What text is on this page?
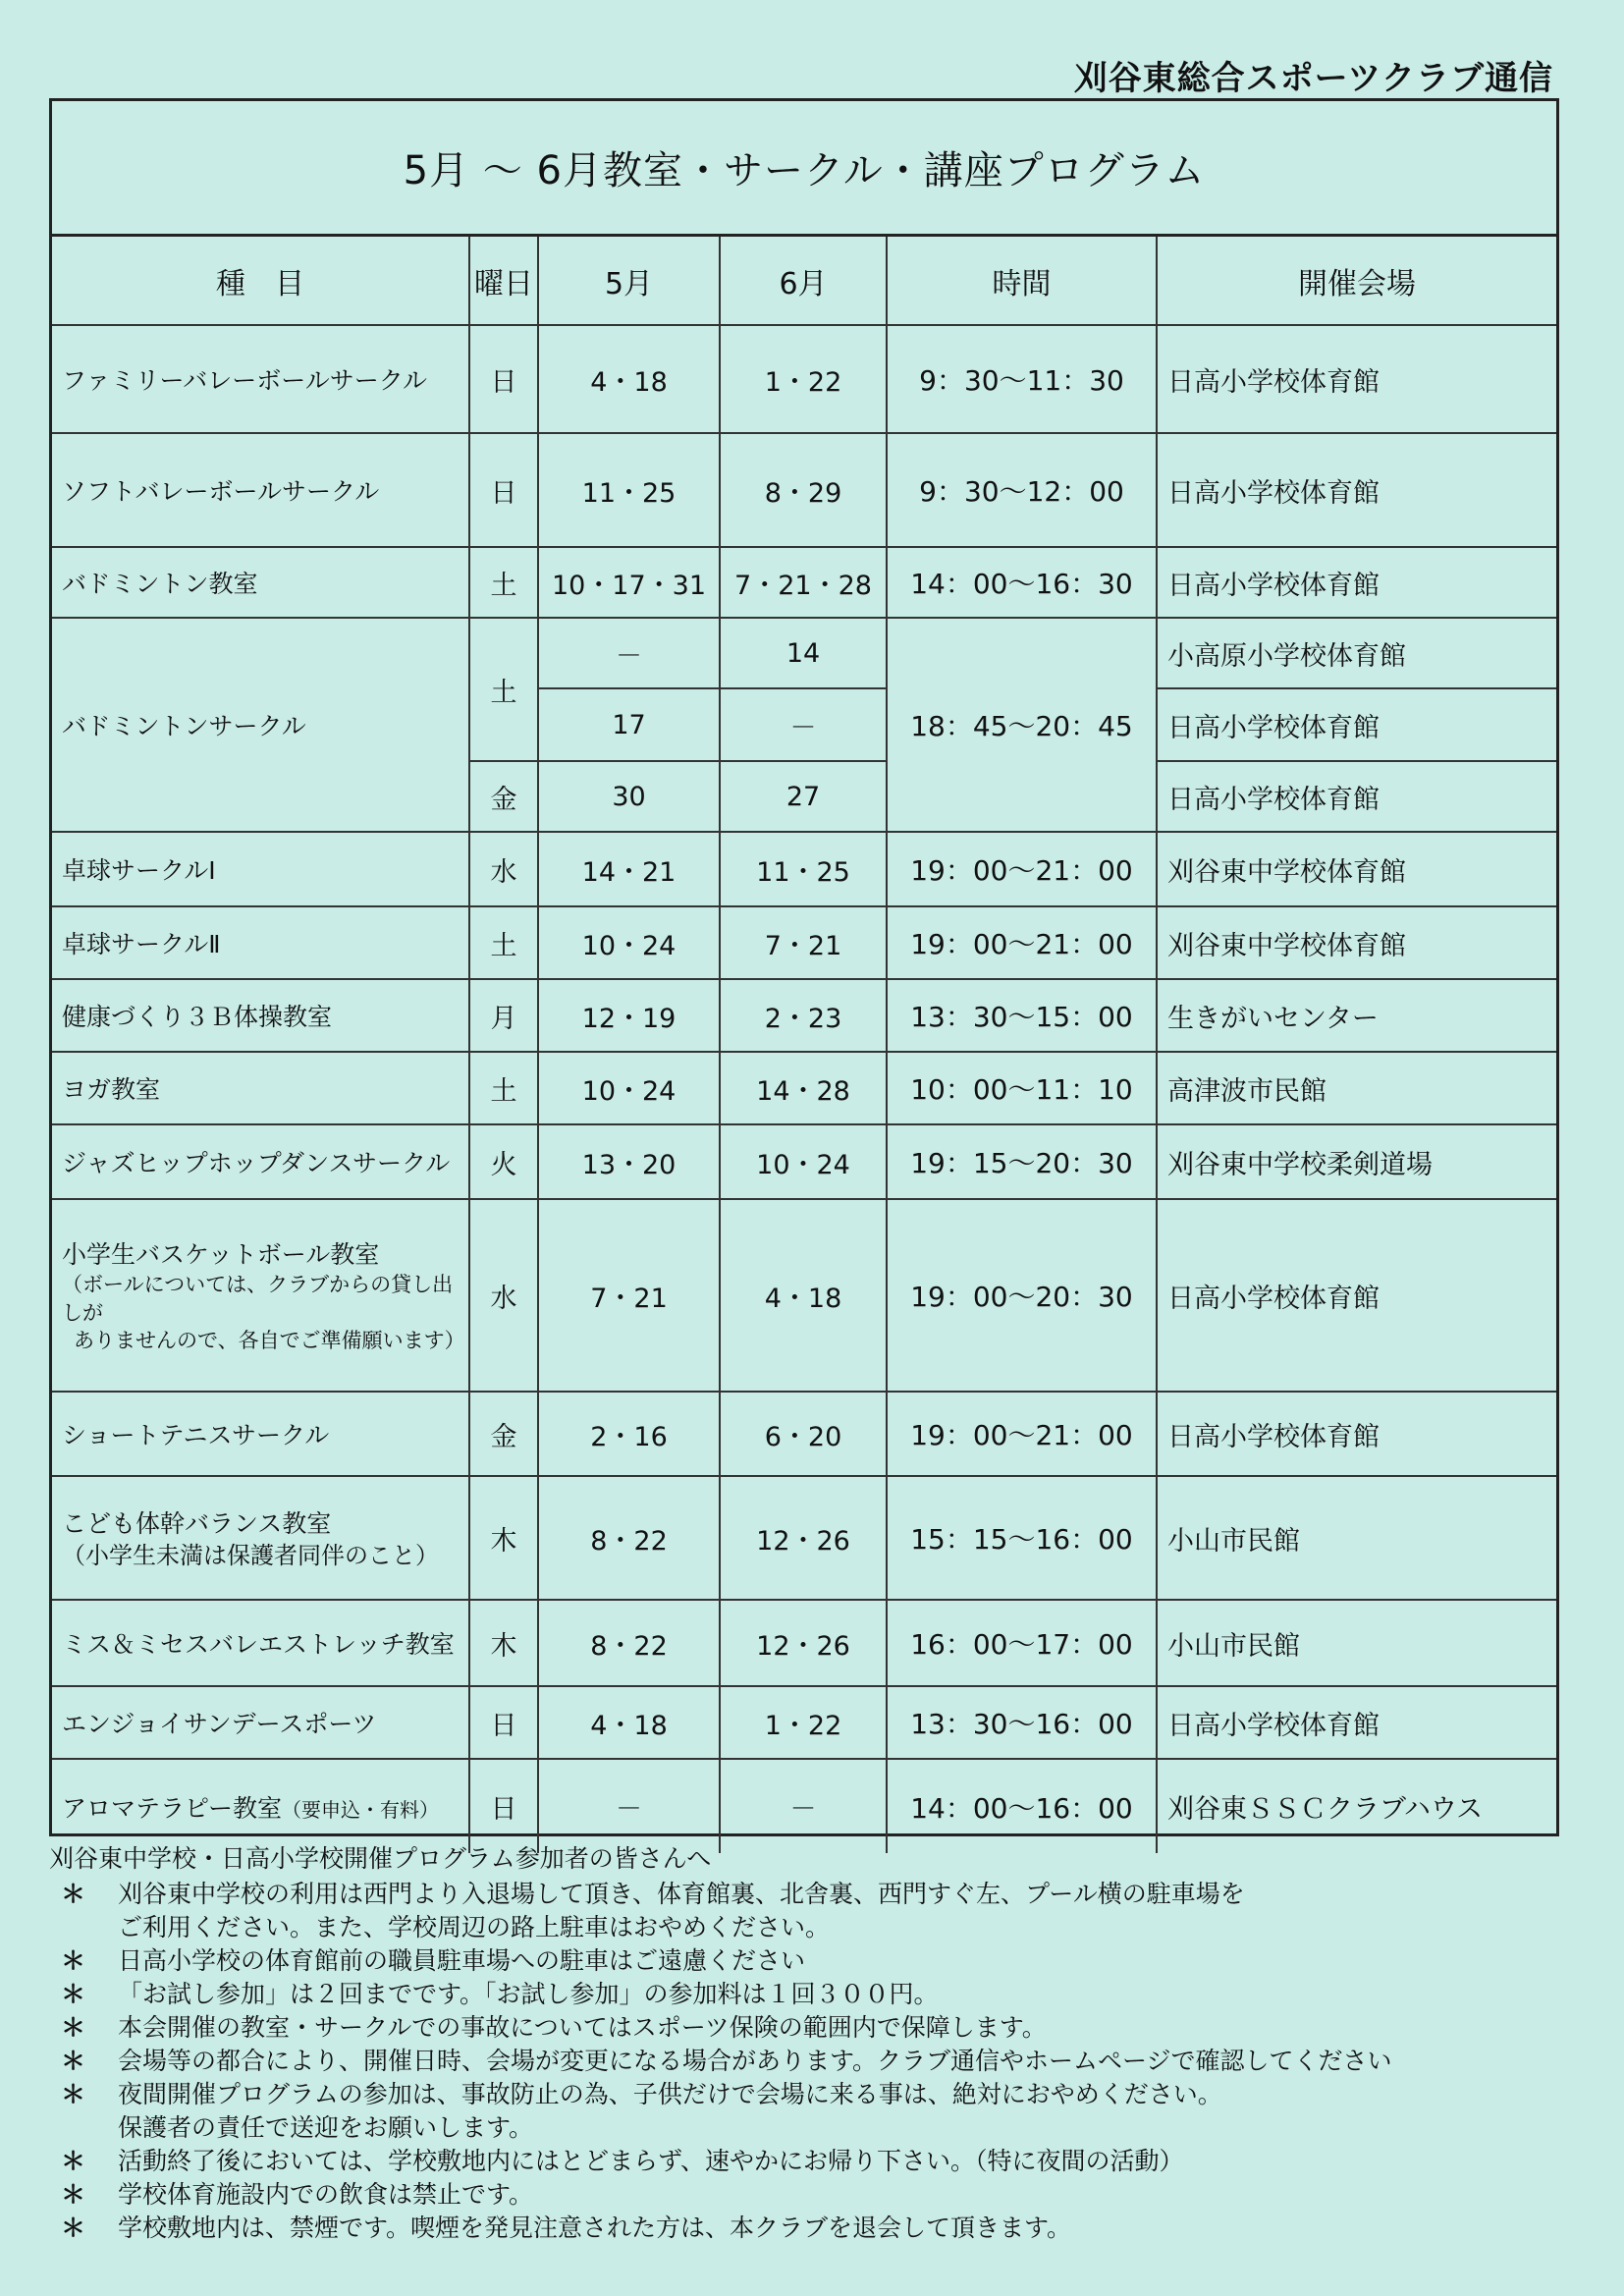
刈谷東総合スポーツクラブ通信
5月 〜 6月教室・サークル・講座プログラム
種　目	曜日	5月	6月	時間	開催会場
ファミリーバレーボールサークル	日	4・18	1・22	9：30〜11：30	日高小学校体育館
ソフトバレーボールサークル	日	11・25	8・29	9：30〜12：00	日高小学校体育館
バドミントン教室	土	10・17・31	7・21・28	14：00〜16：30	日高小学校体育館
バドミントンサークル	土	－	14	18：45〜20：45	小高原小学校体育館
		17	－		日高小学校体育館
	金	30	27		日高小学校体育館
卓球サークルⅠ	水	14・21	11・25	19：00〜21：00	刈谷東中学校体育館
卓球サークルⅡ	土	10・24	7・21	19：00〜21：00	刈谷東中学校体育館
健康づくり３Ｂ体操教室	月	12・19	2・23	13：30〜15：00	生きがいセンター
ヨガ教室	土	10・24	14・28	10：00〜11：10	高津波市民館
ジャズヒップホップダンスサークル	火	13・20	10・24	19：15〜20：30	刈谷東中学校柔剣道場
小学生バスケットボール教室
（ボールについては、クラブからの貸し出しが
ありませんので、各自でご準備願います）	水	7・21	4・18	19：00〜20：30	日高小学校体育館
ショートテニスサークル	金	2・16	6・20	19：00〜21：00	日高小学校体育館
こども体幹バランス教室
（小学生未満は保護者同伴のこと）	木	8・22	12・26	15：15〜16：00	小山市民館
ミス＆ミセスバレエストレッチ教室	木	8・22	12・26	16：00〜17：00	小山市民館
エンジョイサンデースポーツ	日	4・18	1・22	13：30〜16：00	日高小学校体育館
アロマテラピー教室（要申込・有料）	日	－	－	14：00〜16：00	刈谷東ＳＳＣクラブハウス
刈谷東中学校・日高小学校開催プログラム参加者の皆さんへ
＊	刈谷東中学校の利用は西門より入退場して頂き、体育館裏、北舎裏、西門すぐ左、プール横の駐車場を
ご利用ください。また、学校周辺の路上駐車はおやめください。
＊	日高小学校の体育館前の職員駐車場への駐車はご遠慮ください
＊	「お試し参加」は２回までです。「お試し参加」の参加料は１回３００円。
＊	本会開催の教室・サークルでの事故についてはスポーツ保険の範囲内で保障します。
＊	会場等の都合により、開催日時、会場が変更になる場合があります。クラブ通信やホームページで確認してください
＊	夜間開催プログラムの参加は、事故防止の為、子供だけで会場に来る事は、絶対におやめください。
保護者の責任で送迎をお願いします。
＊	活動終了後においては、学校敷地内にはとどまらず、速やかにお帰り下さい。（特に夜間の活動）
＊	学校体育施設内での飲食は禁止です。
＊	学校敷地内は、禁煙です。喫煙を発見注意された方は、本クラブを退会して頂きます。
